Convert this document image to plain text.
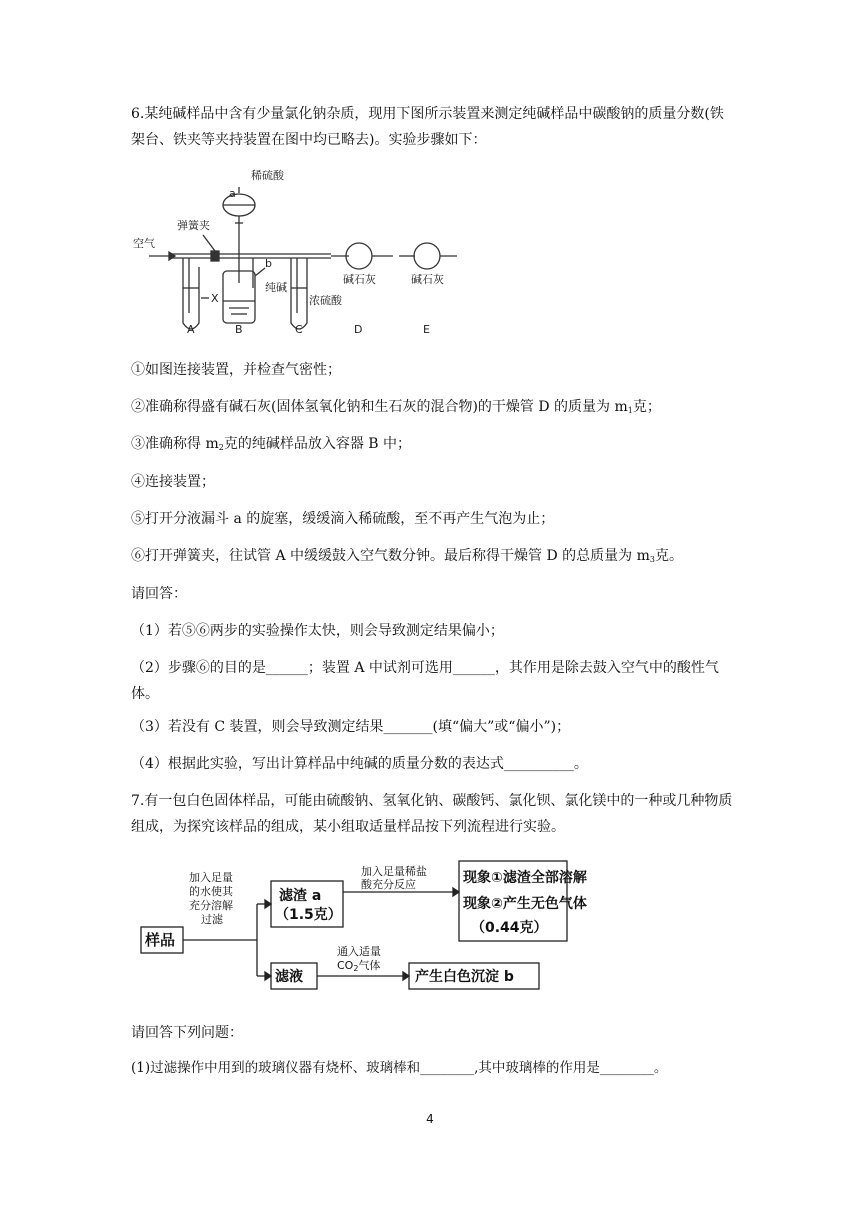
6.某纯碱样品中含有少量氯化钠杂质，现用下图所示装置来测定纯碱样品中碳酸钠的质量分数(铁架台、铁夹等夹持装置在图中均已略去)。实验步骤如下：

稀硫酸
a
弹簧夹
空气
b
纯碱
X	浓硫酸
碱石灰	碱石灰
A	B	C	D	E

①如图连接装置，并检查气密性；

②准确称得盛有碱石灰(固体氢氧化钠和生石灰的混合物)的干燥管 D 的质量为 $m_1$克；

③准确称得 $m_2$克的纯碱样品放入容器 B 中；

④连接装置；

⑤打开分液漏斗 a 的旋塞，缓缓滴入稀硫酸，至不再产生气泡为止；

⑥打开弹簧夹，往试管 A 中缓缓鼓入空气数分钟。最后称得干燥管 D 的总质量为 $m_3$克。

请回答：

（1）若⑤⑥两步的实验操作太快，则会导致测定结果偏小；

（2）步骤⑥的目的是______；装置 A 中试剂可选用______，其作用是除去鼓入空气中的酸性气体。

（3）若没有 C 装置，则会导致测定结果_______(填“偏大”或“偏小”)；

（4）根据此实验，写出计算样品中纯碱的质量分数的表达式__________。

7.有一包白色固体样品，可能由硫酸钠、氢氧化钠、碳酸钙、氯化钡、氯化镁中的一种或几种物质组成，为探究该样品的组成，某小组取适量样品按下列流程进行实验。

样品
加入足量
的水使其
充分溶解
过滤
滤渣 a
（1.5克）
加入足量稀盐
酸充分反应	现象①滤渣全部溶解
现象②产生无色气体
（0.44克）
滤液
通入适量
CO2气体
产生白色沉淀 b

请回答下列问题：

(1)过滤操作中用到的玻璃仪器有烧杯、玻璃棒和________,其中玻璃棒的作用是________。

4
